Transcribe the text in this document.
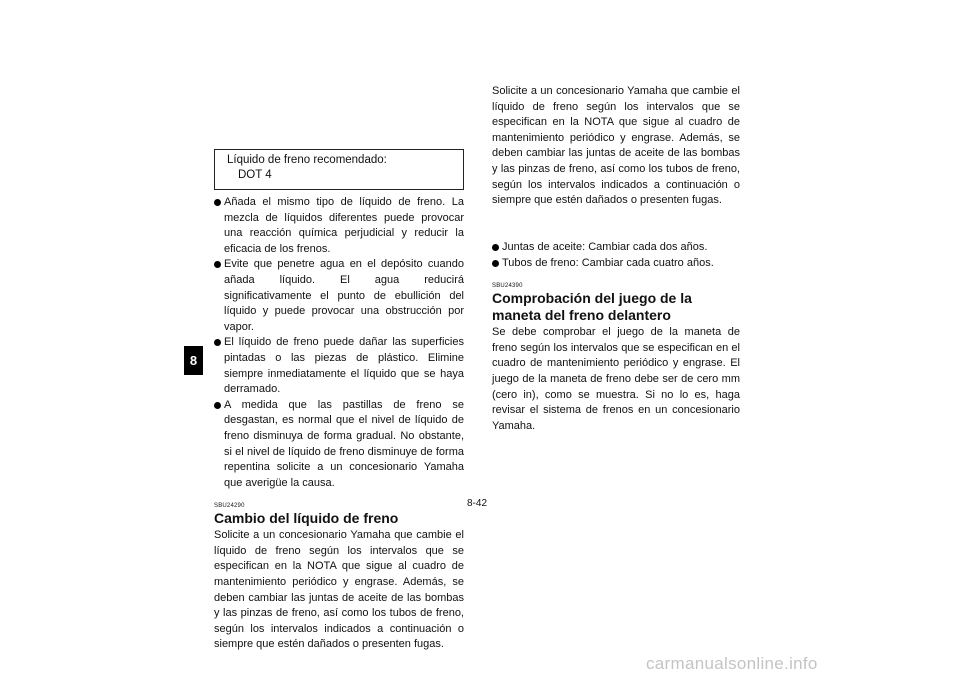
8
Líquido de freno recomendado:
DOT 4
Añada el mismo tipo de líquido de freno. La mezcla de líquidos diferentes puede provocar una reacción química perjudicial y reducir la eficacia de los frenos.
Evite que penetre agua en el depósito cuando añada líquido. El agua reducirá significativamente el punto de ebullición del líquido y puede provocar una obstrucción por vapor.
El líquido de freno puede dañar las superficies pintadas o las piezas de plástico. Elimine siempre inmediatamente el líquido que se haya derramado.
A medida que las pastillas de freno se desgastan, es normal que el nivel de líquido de freno disminuya de forma gradual. No obstante, si el nivel de líquido de freno disminuye de forma repentina solicite a un concesionario Yamaha que averigüe la causa.
SBU24290
Cambio del líquido de freno

Solicite a un concesionario Yamaha que cambie el líquido de freno según los intervalos que se especifican en la NOTA que sigue al cuadro de mantenimiento periódico y engrase. Además, se deben cambiar las juntas de aceite de las bombas y las pinzas de freno, así como los tubos de freno, según los intervalos indicados a continuación o siempre que estén dañados o presenten fugas.

Solicite a un concesionario Yamaha que cambie el líquido de freno según los intervalos que se especifican en la NOTA que sigue al cuadro de mantenimiento periódico y engrase. Además, se deben cambiar las juntas de aceite de las bombas y las pinzas de freno, así como los tubos de freno, según los intervalos indicados a continuación o siempre que estén dañados o presenten fugas.

Juntas de aceite: Cambiar cada dos años.
Tubos de freno: Cambiar cada cuatro años.
SBU24390
Comprobación del juego de la maneta del freno delantero

Se debe comprobar el juego de la maneta de freno según los intervalos que se especifican en el cuadro de mantenimiento periódico y engrase. El juego de la maneta de freno debe ser de cero mm (cero in), como se muestra. Si no lo es, haga revisar el sistema de frenos en un concesionario Yamaha.

8-42
carmanualsonline.info
